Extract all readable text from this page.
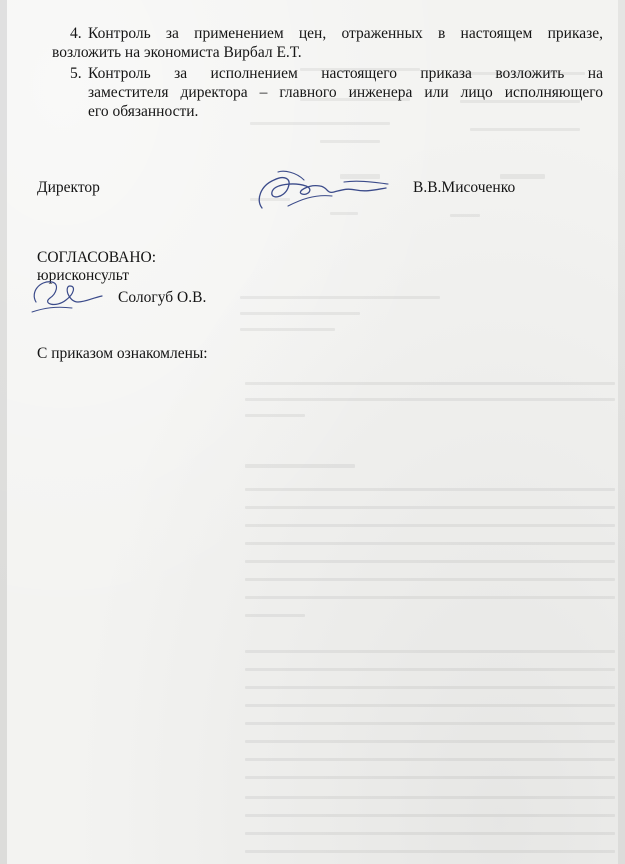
4. Контроль за применением цен, отраженных в настоящем приказе,
возложить на экономиста Вирбал Е.Т.
5. Контроль за исполнением настоящего приказа возложить на
заместителя директора – главного инженера или лицо исполняющего
его обязанности.
Директор	В.В.Мисоченко
СОГЛАСОВАНО:
юрисконсульт
Сологуб О.В.
С приказом ознакомлены:
